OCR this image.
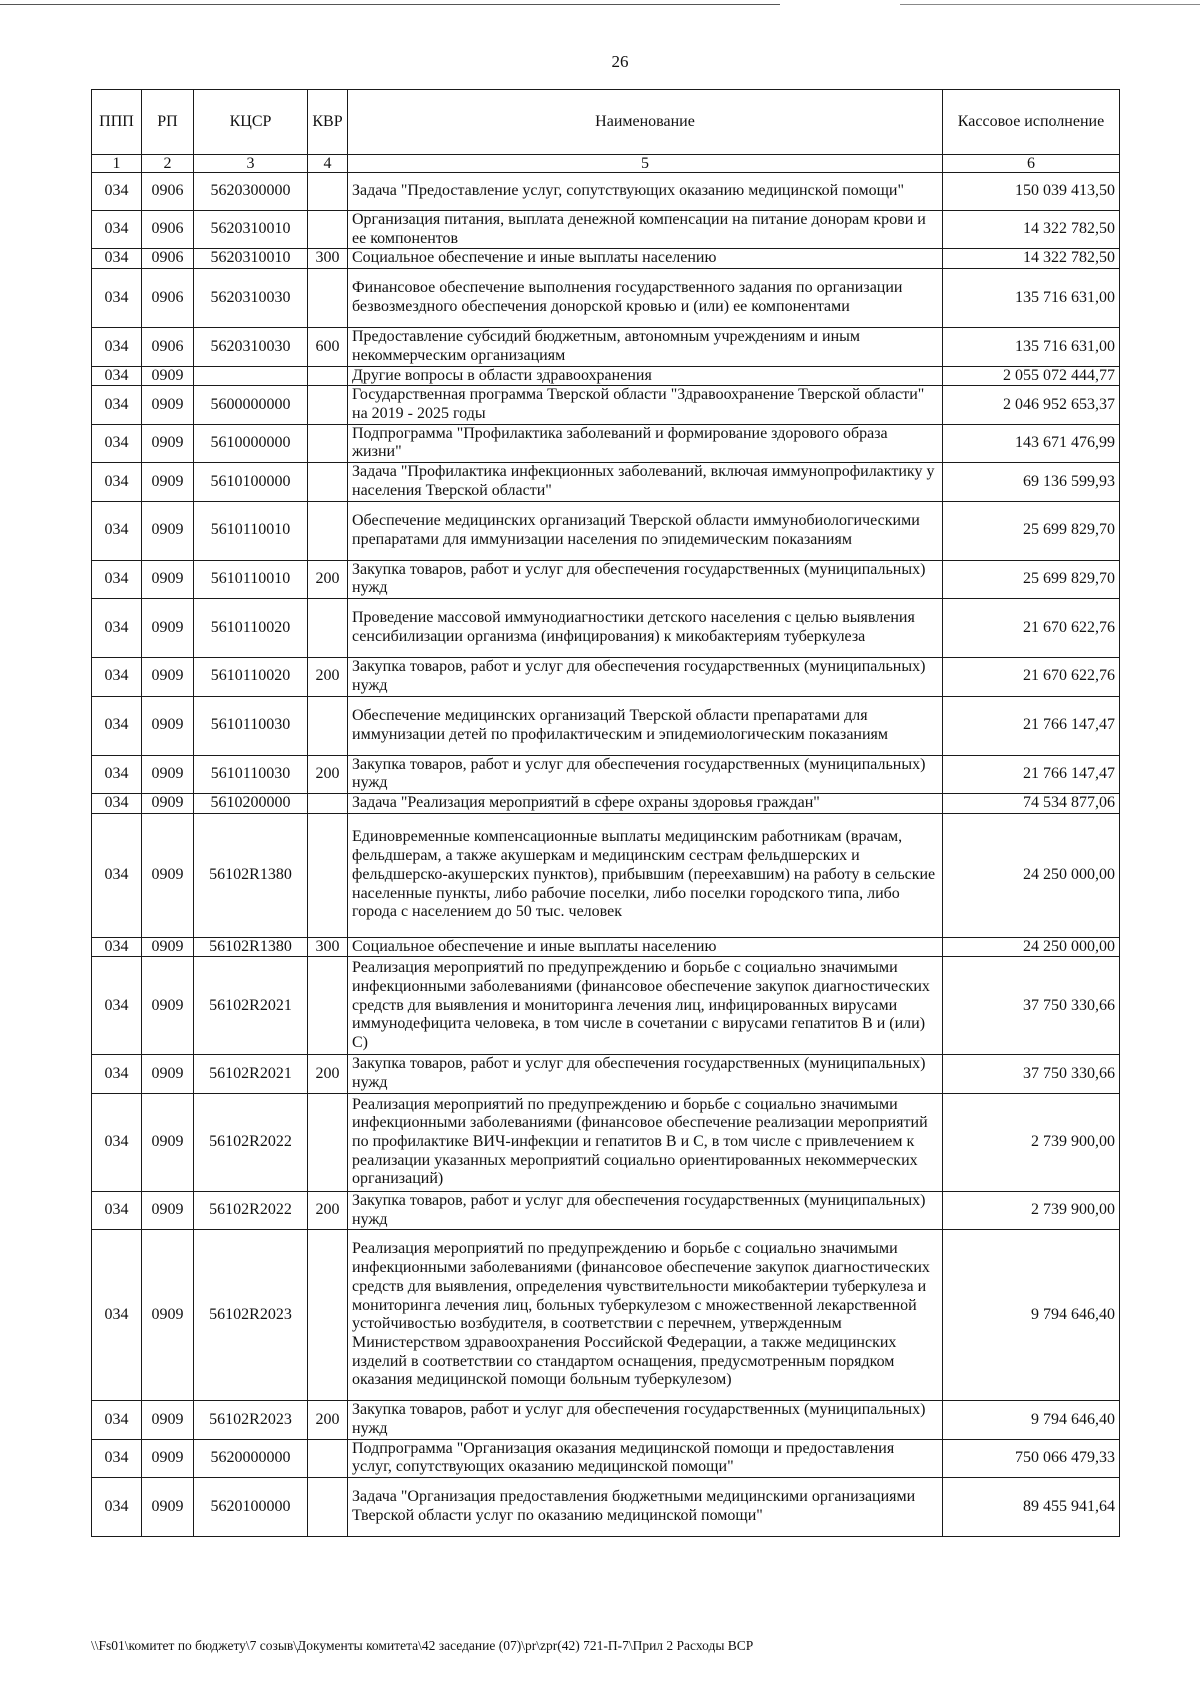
26
ППП	РП	КЦСР	КВР	Наименование	Кассовое исполнение
1	2	3	4	5	6
034	0906	5620300000		Задача "Предоставление услуг, сопутствующих оказанию медицинской помощи"	150 039 413,50
034	0906	5620310010		Организация питания, выплата денежной компенсации на питание донорам крови и ее компонентов	14 322 782,50
034	0906	5620310010	300	Социальное обеспечение и иные выплаты населению	14 322 782,50
034	0906	5620310030		Финансовое обеспечение выполнения государственного задания по организации безвозмездного обеспечения донорской кровью и (или) ее компонентами	135 716 631,00
034	0906	5620310030	600	Предоставление субсидий бюджетным, автономным учреждениям и иным некоммерческим организациям	135 716 631,00
034	0909			Другие вопросы в области здравоохранения	2 055 072 444,77
034	0909	5600000000		Государственная программа Тверской области "Здравоохранение Тверской области" на 2019 - 2025 годы	2 046 952 653,37
034	0909	5610000000		Подпрограмма "Профилактика заболеваний и формирование здорового образа жизни"	143 671 476,99
034	0909	5610100000		Задача "Профилактика инфекционных заболеваний, включая иммунопрофилактику у населения Тверской области"	69 136 599,93
034	0909	5610110010		Обеспечение медицинских организаций Тверской области иммунобиологическими препаратами для иммунизации населения по эпидемическим показаниям	25 699 829,70
034	0909	5610110010	200	Закупка товаров, работ и услуг для обеспечения государственных (муниципальных) нужд	25 699 829,70
034	0909	5610110020		Проведение массовой иммунодиагностики детского населения с целью выявления сенсибилизации организма (инфицирования) к микобактериям туберкулеза	21 670 622,76
034	0909	5610110020	200	Закупка товаров, работ и услуг для обеспечения государственных (муниципальных) нужд	21 670 622,76
034	0909	5610110030		Обеспечение медицинских организаций Тверской области препаратами для иммунизации детей по профилактическим и эпидемиологическим показаниям	21 766 147,47
034	0909	5610110030	200	Закупка товаров, работ и услуг для обеспечения государственных (муниципальных) нужд	21 766 147,47
034	0909	5610200000		Задача "Реализация мероприятий в сфере охраны здоровья граждан"	74 534 877,06
034	0909	56102R1380		Единовременные компенсационные выплаты медицинским работникам (врачам, фельдшерам, а также акушеркам и медицинским сестрам фельдшерских и фельдшерско-акушерских пунктов), прибывшим (переехавшим) на работу в сельские населенные пункты, либо рабочие поселки, либо поселки городского типа, либо города с населением до 50 тыс. человек	24 250 000,00
034	0909	56102R1380	300	Социальное обеспечение и иные выплаты населению	24 250 000,00
034	0909	56102R2021		Реализация мероприятий по предупреждению и борьбе с социально значимыми инфекционными заболеваниями (финансовое обеспечение закупок диагностических средств для выявления и мониторинга лечения лиц, инфицированных вирусами иммунодефицита человека, в том числе в сочетании с вирусами гепатитов В и (или) С)	37 750 330,66
034	0909	56102R2021	200	Закупка товаров, работ и услуг для обеспечения государственных (муниципальных) нужд	37 750 330,66
034	0909	56102R2022		Реализация мероприятий по предупреждению и борьбе с социально значимыми инфекционными заболеваниями (финансовое обеспечение реализации мероприятий по профилактике ВИЧ-инфекции и гепатитов В и С, в том числе с привлечением к реализации указанных мероприятий социально ориентированных некоммерческих организаций)	2 739 900,00
034	0909	56102R2022	200	Закупка товаров, работ и услуг для обеспечения государственных (муниципальных) нужд	2 739 900,00
034	0909	56102R2023		Реализация мероприятий по предупреждению и борьбе с социально значимыми инфекционными заболеваниями (финансовое обеспечение закупок диагностических средств для выявления, определения чувствительности микобактерии туберкулеза и мониторинга лечения лиц, больных туберкулезом с множественной лекарственной устойчивостью возбудителя, в соответствии с перечнем, утвержденным Министерством здравоохранения Российской Федерации, а также медицинских изделий в соответствии со стандартом оснащения, предусмотренным порядком оказания медицинской помощи больным туберкулезом)	9 794 646,40
034	0909	56102R2023	200	Закупка товаров, работ и услуг для обеспечения государственных (муниципальных) нужд	9 794 646,40
034	0909	5620000000		Подпрограмма "Организация оказания медицинской помощи и предоставления услуг, сопутствующих оказанию медицинской помощи"	750 066 479,33
034	0909	5620100000		Задача "Организация предоставления бюджетными медицинскими организациями Тверской области услуг по оказанию медицинской помощи"	89 455 941,64
\\Fs01\комитет по бюджету\7 созыв\Документы комитета\42 заседание (07)\pr\zpr(42) 721-П-7\Прил 2 Расходы ВСР
